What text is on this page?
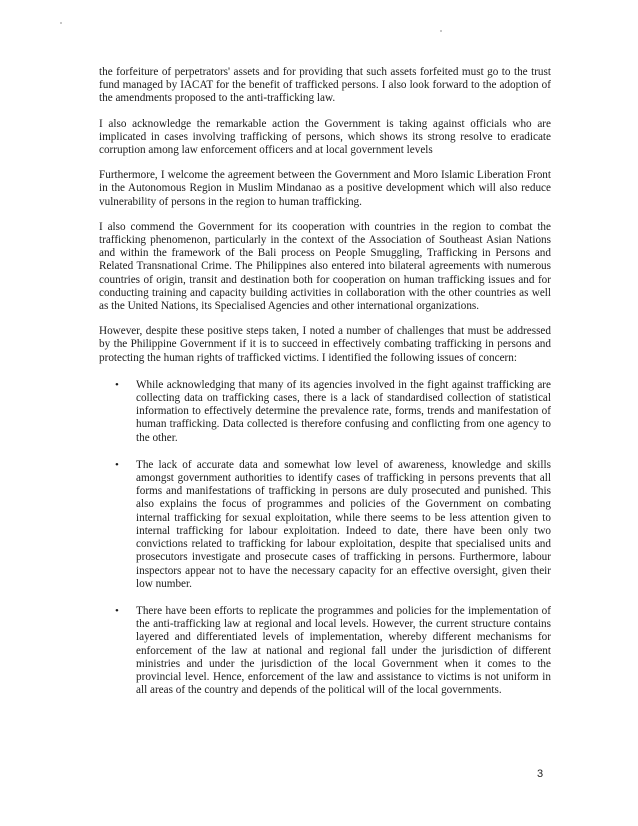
the forfeiture of perpetrators' assets and for providing that such assets forfeited must go to the trust fund managed by IACAT for the benefit of trafficked persons. I also look forward to the adoption of the amendments proposed to the anti-trafficking law.

I also acknowledge the remarkable action the Government is taking against officials who are implicated in cases involving trafficking of persons, which shows its strong resolve to eradicate corruption among law enforcement officers and at local government levels

Furthermore, I welcome the agreement between the Government and Moro Islamic Liberation Front in the Autonomous Region in Muslim Mindanao as a positive development which will also reduce vulnerability of persons in the region to human trafficking.

I also commend the Government for its cooperation with countries in the region to combat the trafficking phenomenon, particularly in the context of the Association of Southeast Asian Nations and within the framework of the Bali process on People Smuggling, Trafficking in Persons and Related Transnational Crime. The Philippines also entered into bilateral agreements with numerous countries of origin, transit and destination both for cooperation on human trafficking issues and for conducting training and capacity building activities in collaboration with the other countries as well as the United Nations, its Specialised Agencies and other international organizations.

However, despite these positive steps taken, I noted a number of challenges that must be addressed by the Philippine Government if it is to succeed in effectively combating trafficking in persons and protecting the human rights of trafficked victims. I identified the following issues of concern:

• While acknowledging that many of its agencies involved in the fight against trafficking are collecting data on trafficking cases, there is a lack of standardised collection of statistical information to effectively determine the prevalence rate, forms, trends and manifestation of human trafficking. Data collected is therefore confusing and conflicting from one agency to the other.
• The lack of accurate data and somewhat low level of awareness, knowledge and skills amongst government authorities to identify cases of trafficking in persons prevents that all forms and manifestations of trafficking in persons are duly prosecuted and punished. This also explains the focus of programmes and policies of the Government on combating internal trafficking for sexual exploitation, while there seems to be less attention given to internal trafficking for labour exploitation. Indeed to date, there have been only two convictions related to trafficking for labour exploitation, despite that specialised units and prosecutors investigate and prosecute cases of trafficking in persons. Furthermore, labour inspectors appear not to have the necessary capacity for an effective oversight, given their low number.
• There have been efforts to replicate the programmes and policies for the implementation of the anti-trafficking law at regional and local levels. However, the current structure contains layered and differentiated levels of implementation, whereby different mechanisms for enforcement of the law at national and regional fall under the jurisdiction of different ministries and under the jurisdiction of the local Government when it comes to the provincial level. Hence, enforcement of the law and assistance to victims is not uniform in all areas of the country and depends of the political will of the local governments.
3
